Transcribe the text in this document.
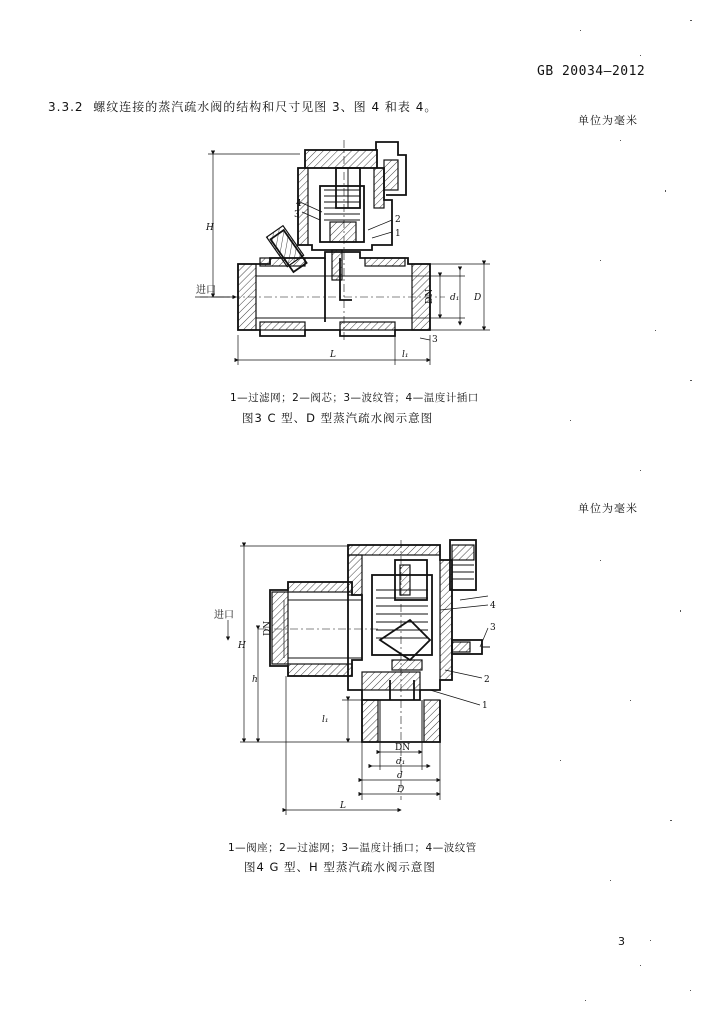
GB 20034—2012
3.3.2 螺纹连接的蒸汽疏水阀的结构和尺寸见图 3、图 4 和表 4。
单位为毫米
单位为毫米
H
L	l₁
DN d₁ D
2
1
4
3
3
H
h
l₁
DN
d₁
d
D
L
DN
4
3
2
1
进口
进口
1—过滤网；2—阀芯；3—波纹管；4—温度计插口
图3 C 型、D 型蒸汽疏水阀示意图
1—阀座；2—过滤网；3—温度计插口；4—波纹管
图4 G 型、H 型蒸汽疏水阀示意图
3
